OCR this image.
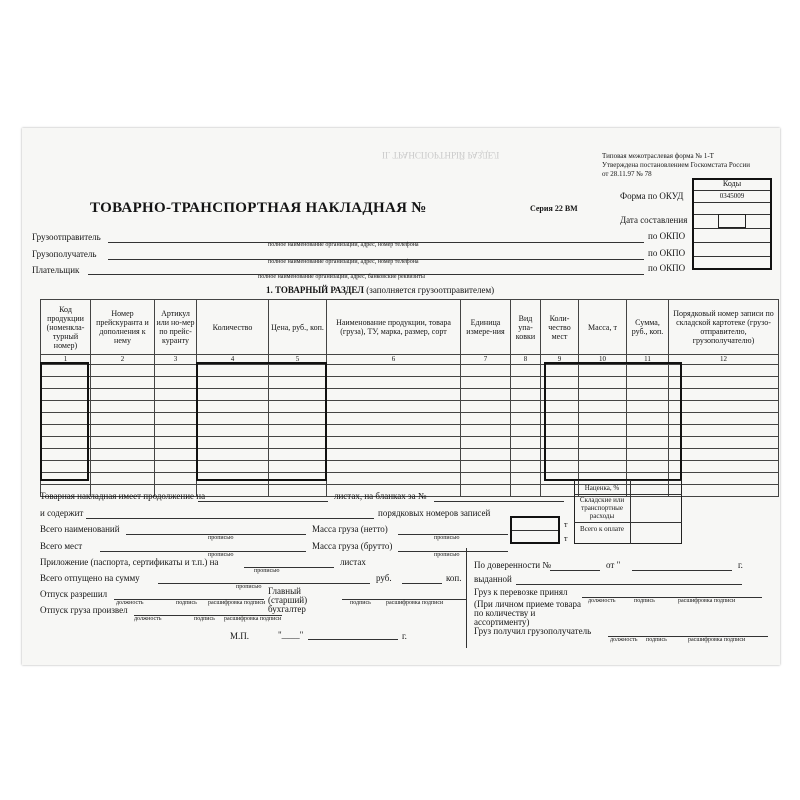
II. ТРАНСПОРТНЫЙ РАЗДЕЛ	Типовая межотраслевая форма № 1-Т
Утверждена постановлением Госкомстата России
от 28.11.97 № 78
Коды
0345009
Форма по ОКУД
Дата составления
по ОКПО
по ОКПО
по ОКПО
ТОВАРНО-ТРАНСПОРТНАЯ НАКЛАДНАЯ №	Серия 22 ВМ
Грузоотправитель
полное наименование организации, адрес, номер телефона
Грузополучатель
полное наименование организации, адрес, номер телефона
Плательщик
полное наименование организации, адрес, банковские реквизиты
1. ТОВАРНЫЙ РАЗДЕЛ (заполняется грузоотправителем)
Код продукции (номенкла-турный номер)	Номер прейскуранта и дополнения к нему	Артикул или но-мер по прейс-куранту	Количество	Цена, руб., коп.	Наименование продукции, товара (груза), ТУ, марка, размер, сорт	Единица измере-ния	Вид упа-ковки	Коли-чество мест	Масса, т	Сумма, руб., коп.	Порядковый номер записи по складской картотеке (грузо-отправителю, грузополучателю)
1	2	3	4	5	6	7	8	9	10	11	12

Товарная накладная имеет продолжение на	листах, на бланках за №
и содержит	порядковых номеров записей
Всего наименований
прописью
Масса груза (нетто)
прописью
т
т
Всего мест
прописью
Масса груза (брутто)
прописью
Приложение (паспорта, сертификаты и т.п.) на
прописью
листах
Всего отпущено на сумму
прописью
руб.	коп.
Отпуск разрешил
должность	подпись расшифровка подписи
Главный (старший) бухгалтер
подпись	расшифровка подписи
Отпуск груза произвел
должность	подпись расшифровка подписи
М.П.	"____"	г.
Наценка, %
Складские или транспортные расходы
Всего к оплате
По доверенности №	от "	г.
выданной
Груз к перевозке принял
должность	подпись	расшифровка подписи
(При личном приеме товара по количеству и ассортименту)
Груз получил грузополучатель
должность подпись	расшифровка подписи
